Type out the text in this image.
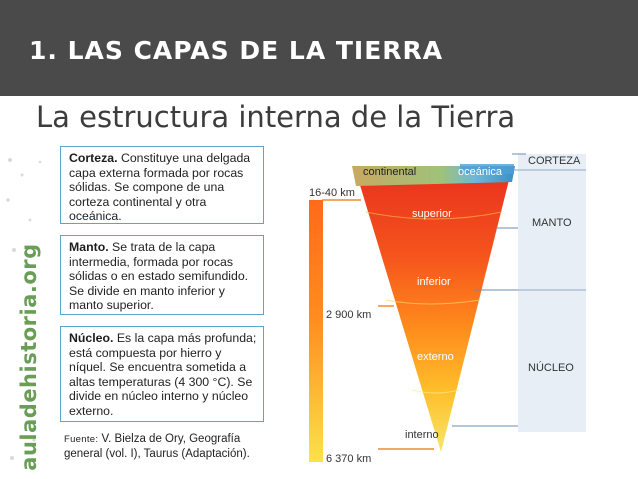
1. LAS CAPAS DE LA TIERRA
La estructura interna de la Tierra
auladehistoria.org
Corteza. Constituye una delgada capa externa formada por rocas sólidas. Se compone de una corteza continental y otra oceánica.
Manto. Se trata de la capa intermedia, formada por rocas sólidas o en estado semifundido. Se divide en manto inferior y manto superior.
Núcleo. Es la capa más profunda; está compuesta por hierro y níquel. Se encuentra sometida a altas temperaturas (4 300 °C). Se divide en núcleo interno y núcleo externo.
Fuente: V. Bielza de Ory, Geografía general (vol. I), Taurus (Adaptación).
16-40 km
2 900 km
6 370 km
continental	oceánica
superior
inferior
externo
interno
CORTEZA
MANTO
NÚCLEO
